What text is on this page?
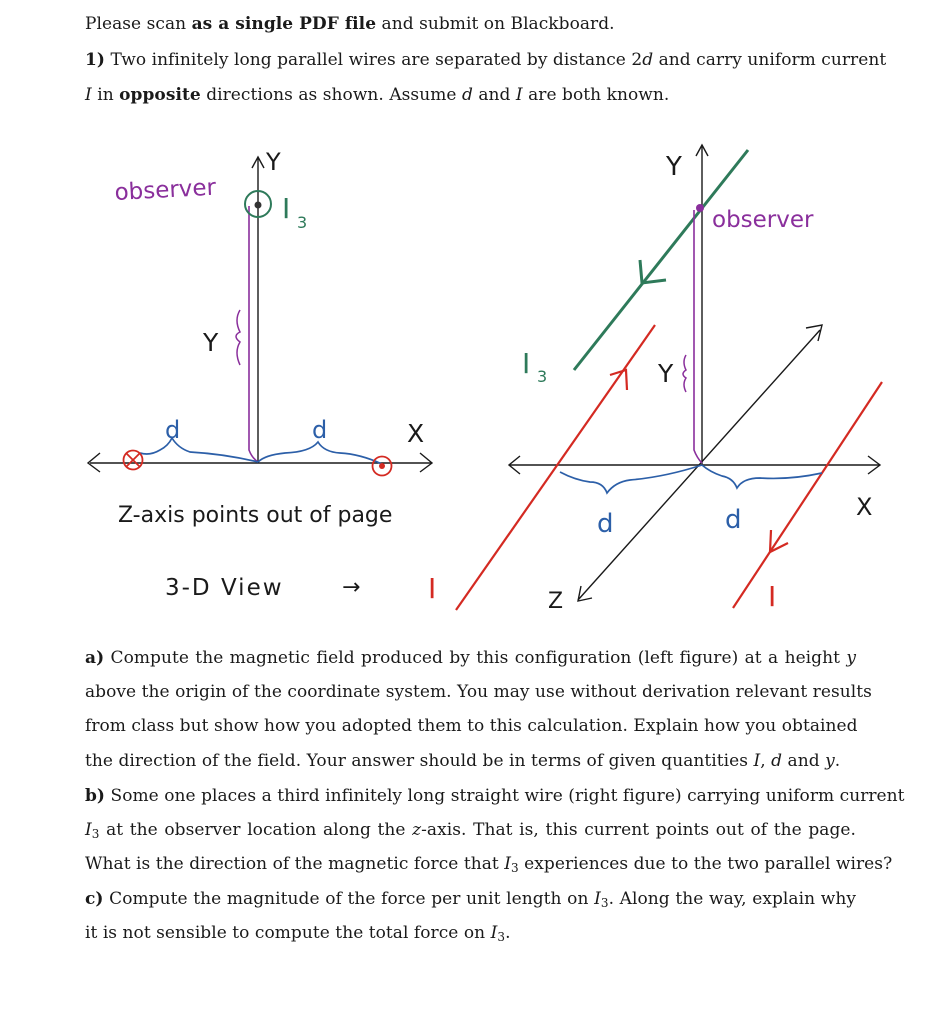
Please scan as a single PDF file and submit on Blackboard.
1) Two infinitely long parallel wires are separated by distance 2d and carry uniform current
I in opposite directions as shown. Assume d and I are both known.
observer
Y
I 3
Y
d	d	X
Z-axis points out of page
3-D View	→ I
Y
observer
I 3	Y
d	d	X
Z	I
a) Compute the magnetic field produced by this configuration (left figure) at a height y
above the origin of the coordinate system. You may use without derivation relevant results
from class but show how you adopted them to this calculation. Explain how you obtained
the direction of the field. Your answer should be in terms of given quantities I, d and y.
b) Some one places a third infinitely long straight wire (right figure) carrying uniform current
$I_3$ at the observer location along the z-axis. That is, this current points out of the page.
What is the direction of the magnetic force that $I_3$ experiences due to the two parallel wires?
c) Compute the magnitude of the force per unit length on $I_3$. Along the way, explain why
it is not sensible to compute the total force on $I_3$.
